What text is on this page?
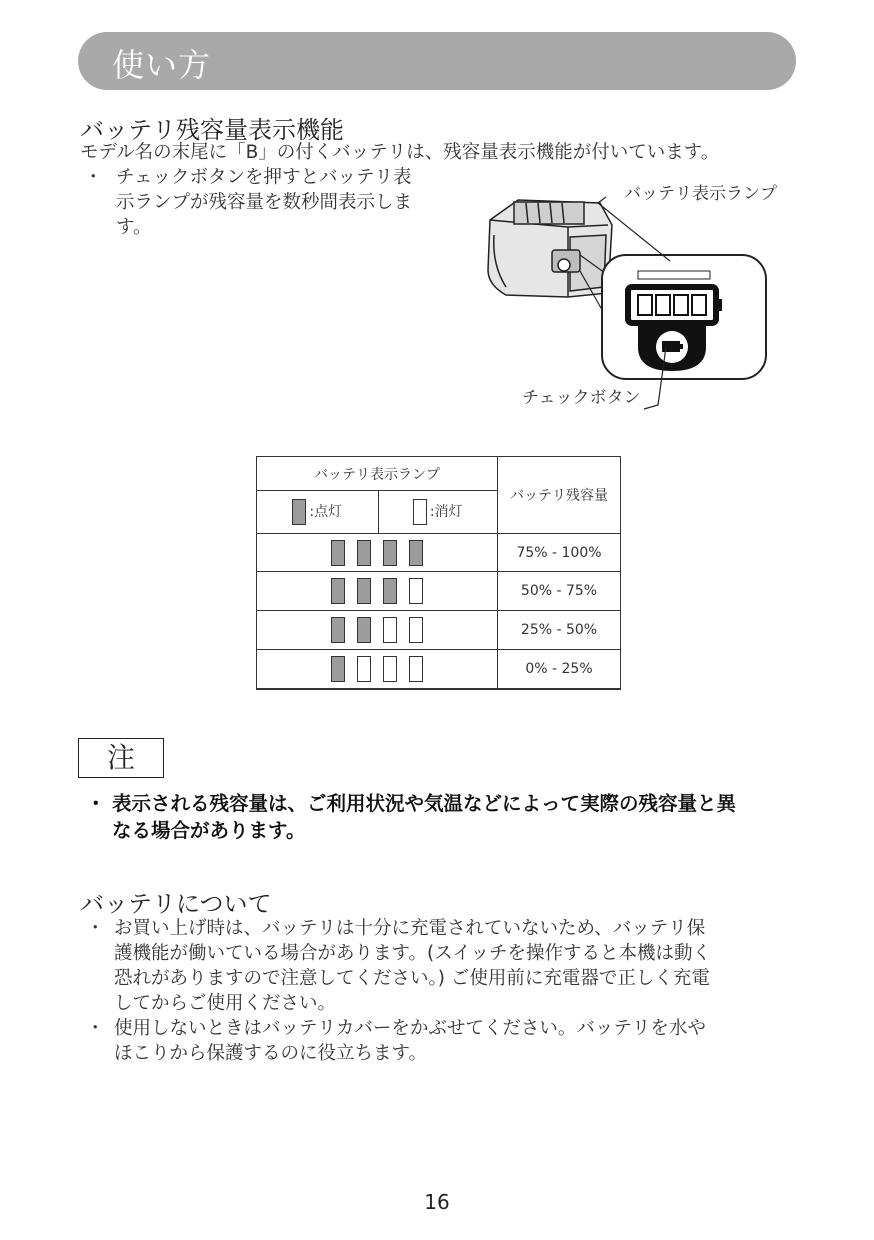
使い方
バッテリ残容量表示機能
モデル名の末尾に「B」の付くバッテリは、残容量表示機能が付いています。
・ チェックボタンを押すとバッテリ表
示ランプが残容量を数秒間表示しま
す。
バッテリ表示ランプ
チェックボタン
バッテリ表示ランプ		バッテリ残容量
:点灯	:消灯	
		75% - 100%
		50% - 75%
		25% - 50%
		0% - 25%
注
・ 表示される残容量は、ご利用状況や気温などによって実際の残容量と異
なる場合があります。
バッテリについて
・ お買い上げ時は、バッテリは十分に充電されていないため、バッテリ保
護機能が働いている場合があります。(スイッチを操作すると本機は動く
恐れがありますので注意してください。) ご使用前に充電器で正しく充電
してからご使用ください。
・ 使用しないときはバッテリカバーをかぶせてください。バッテリを水や
ほこりから保護するのに役立ちます。
16
